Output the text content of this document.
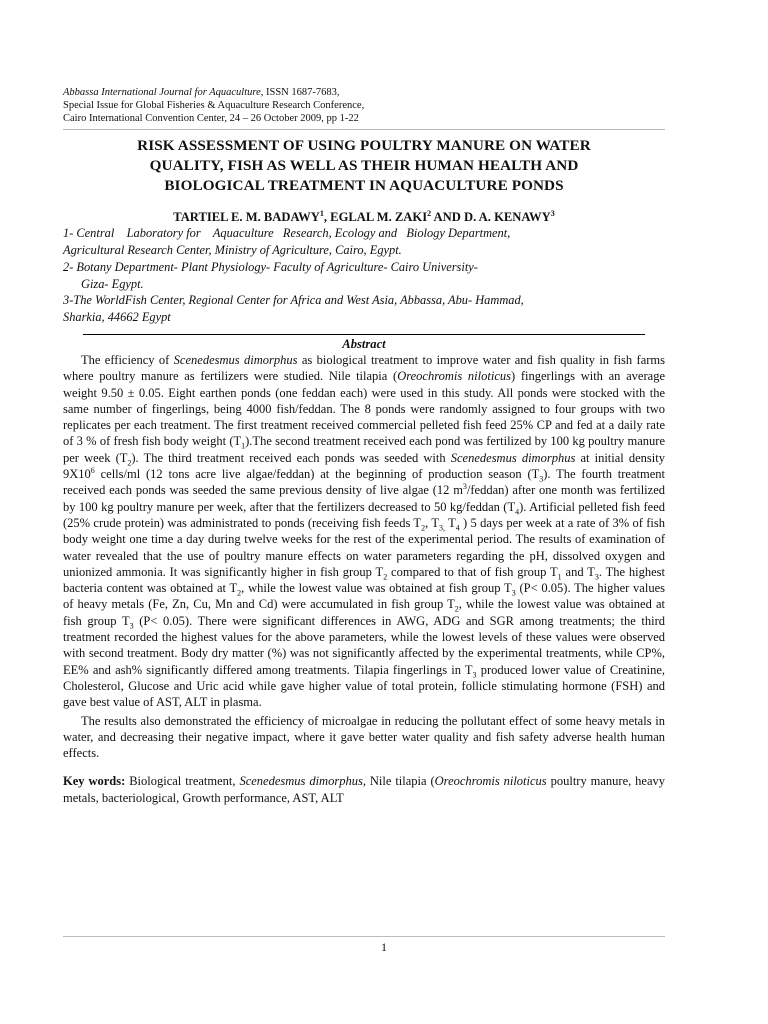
Abbassa International Journal for Aquaculture, ISSN 1687-7683,
Special Issue for Global Fisheries & Aquaculture Research Conference,
Cairo International Convention Center, 24 – 26 October 2009, pp 1-22
RISK ASSESSMENT OF USING POULTRY MANURE ON WATER
QUALITY, FISH AS WELL AS THEIR HUMAN HEALTH AND
BIOLOGICAL TREATMENT IN AQUACULTURE PONDS
TARTIEL E. M. BADAWY$^1$, EGLAL M. ZAKI$^2$ AND D. A. KENAWY$^3$
1- Central    Laboratory for    Aquaculture   Research, Ecology and   Biology Department,
Agricultural Research Center, Ministry of Agriculture, Cairo, Egypt.
2- Botany Department- Plant Physiology- Faculty of Agriculture- Cairo University-
Giza- Egypt.
3-The WorldFish Center, Regional Center for Africa and West Asia, Abbassa, Abu- Hammad,
Sharkia, 44662 Egypt
Abstract

The efficiency of Scenedesmus dimorphus as biological treatment to improve water and fish quality in fish farms where poultry manure as fertilizers were studied. Nile tilapia (Oreochromis niloticus) fingerlings with an average weight 9.50 ± 0.05. Eight earthen ponds (one feddan each) were used in this study. All ponds were stocked with the same number of fingerlings, being 4000 fish/feddan. The 8 ponds were randomly assigned to four groups with two replicates per each treatment. The first treatment received commercial pelleted fish feed 25% CP and fed at a daily rate of 3 % of fresh fish body weight $(T_1).The$ second treatment received each pond was fertilized by 100 kg poultry manure per week $(T_2)$. The third treatment received each ponds was seeded with Scenedesmus dimorphus at initial density $9X10^6$ cells/ml (12 tons acre live algae/feddan) at the beginning of production season $(T_3)$. The fourth treatment received each ponds was seeded the same previous density of live algae (12 $m^3/feddan$) after one month was fertilized by 100 kg poultry manure per week, after that the fertilizers decreased to 50 kg/feddan $(T_4)$. Artificial pelleted fish feed (25% crude protein) was administrated to ponds (receiving fish feeds $T_2$, $T_{3,}$ $T_4$ ) 5 days per week at a rate of 3% of fish body weight one time a day during twelve weeks for the rest of the experimental period. The results of examination of water revealed that the use of poultry manure effects on water parameters regarding the pH, dissolved oxygen and unionized ammonia. It was significantly higher in fish group $T_2$ compared to that of fish group $T_1$ and $T_3$. The highest bacteria content was obtained at $T_2$, while the lowest value was obtained at fish group $T_3$ (P< 0.05). The higher values of heavy metals (Fe, Zn, Cu, Mn and Cd) were accumulated in fish group $T_2$, while the lowest value was obtained at fish group $T_3$ (P< 0.05). There were significant differences in AWG, ADG and SGR among treatments; the third treatment recorded the highest values for the above parameters, while the lowest levels of these values were observed with second treatment. Body dry matter (%) was not significantly affected by the experimental treatments, while CP%, EE% and ash% significantly differed among treatments. Tilapia fingerlings in $T_3$ produced lower value of Creatinine, Cholesterol, Glucose and Uric acid while gave higher value of total protein, follicle stimulating hormone (FSH) and gave best value of AST, ALT in plasma.

The results also demonstrated the efficiency of microalgae in reducing the pollutant effect of some heavy metals in water, and decreasing their negative impact, where it gave better water quality and fish safety adverse health human effects.

Key words: Biological treatment, Scenedesmus dimorphus, Nile tilapia (Oreochromis niloticus poultry manure, heavy metals, bacteriological, Growth performance, AST, ALT
1
